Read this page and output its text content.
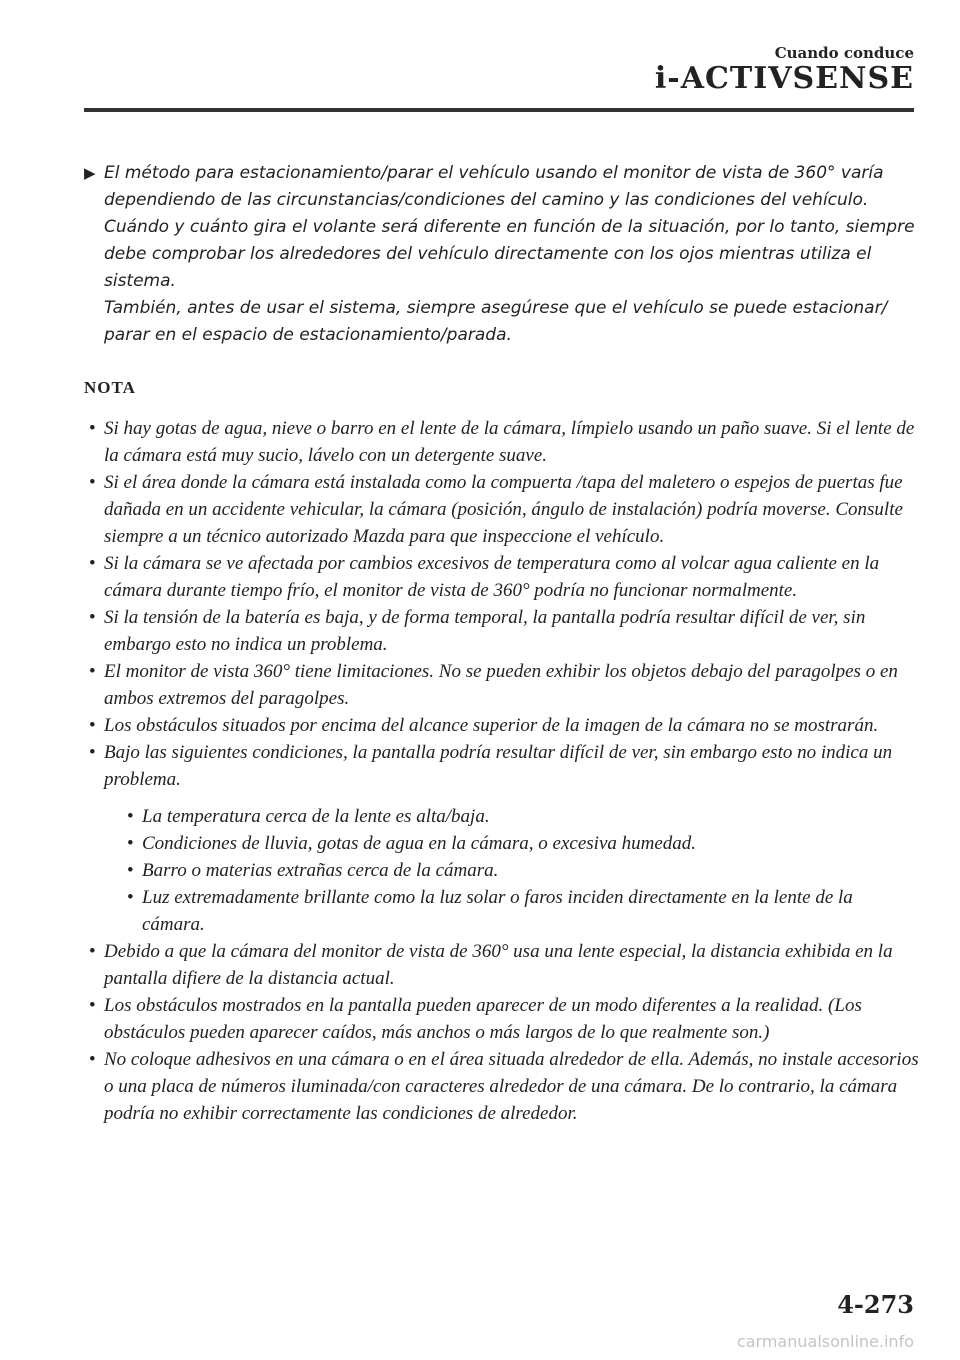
Cuando conduce
i-ACTIVSENSE
▶ El método para estacionamiento/parar el vehículo usando el monitor de vista de 360° varía dependiendo de las circunstancias/condiciones del camino y las condiciones del vehículo. Cuándo y cuánto gira el volante será diferente en función de la situación, por lo tanto, siempre debe comprobar los alrededores del vehículo directamente con los ojos mientras utiliza el sistema.

También, antes de usar el sistema, siempre asegúrese que el vehículo se puede estacionar/ parar en el espacio de estacionamiento/parada.

NOTA
• Si hay gotas de agua, nieve o barro en el lente de la cámara, límpielo usando un paño suave. Si el lente de la cámara está muy sucio, lávelo con un detergente suave.
• Si el área donde la cámara está instalada como la compuerta /tapa del maletero o espejos de puertas fue dañada en un accidente vehicular, la cámara (posición, ángulo de instalación) podría moverse. Consulte siempre a un técnico autorizado Mazda para que inspeccione el vehículo.
• Si la cámara se ve afectada por cambios excesivos de temperatura como al volcar agua caliente en la cámara durante tiempo frío, el monitor de vista de 360° podría no funcionar normalmente.
• Si la tensión de la batería es baja, y de forma temporal, la pantalla podría resultar difícil de ver, sin embargo esto no indica un problema.
• El monitor de vista 360° tiene limitaciones. No se pueden exhibir los objetos debajo del paragolpes o en ambos extremos del paragolpes.
• Los obstáculos situados por encima del alcance superior de la imagen de la cámara no se mostrarán.
• Bajo las siguientes condiciones, la pantalla podría resultar difícil de ver, sin embargo esto no indica un problema.
• La temperatura cerca de la lente es alta/baja.
• Condiciones de lluvia, gotas de agua en la cámara, o excesiva humedad.
• Barro o materias extrañas cerca de la cámara.
• Luz extremadamente brillante como la luz solar o faros inciden directamente en la lente de la cámara.
• Debido a que la cámara del monitor de vista de 360° usa una lente especial, la distancia exhibida en la pantalla difiere de la distancia actual.
• Los obstáculos mostrados en la pantalla pueden aparecer de un modo diferentes a la realidad. (Los obstáculos pueden aparecer caídos, más anchos o más largos de lo que realmente son.)
• No coloque adhesivos en una cámara o en el área situada alrededor de ella. Además, no instale accesorios o una placa de números iluminada/con caracteres alrededor de una cámara. De lo contrario, la cámara podría no exhibir correctamente las condiciones de alrededor.
4-273
carmanualsonline.info
